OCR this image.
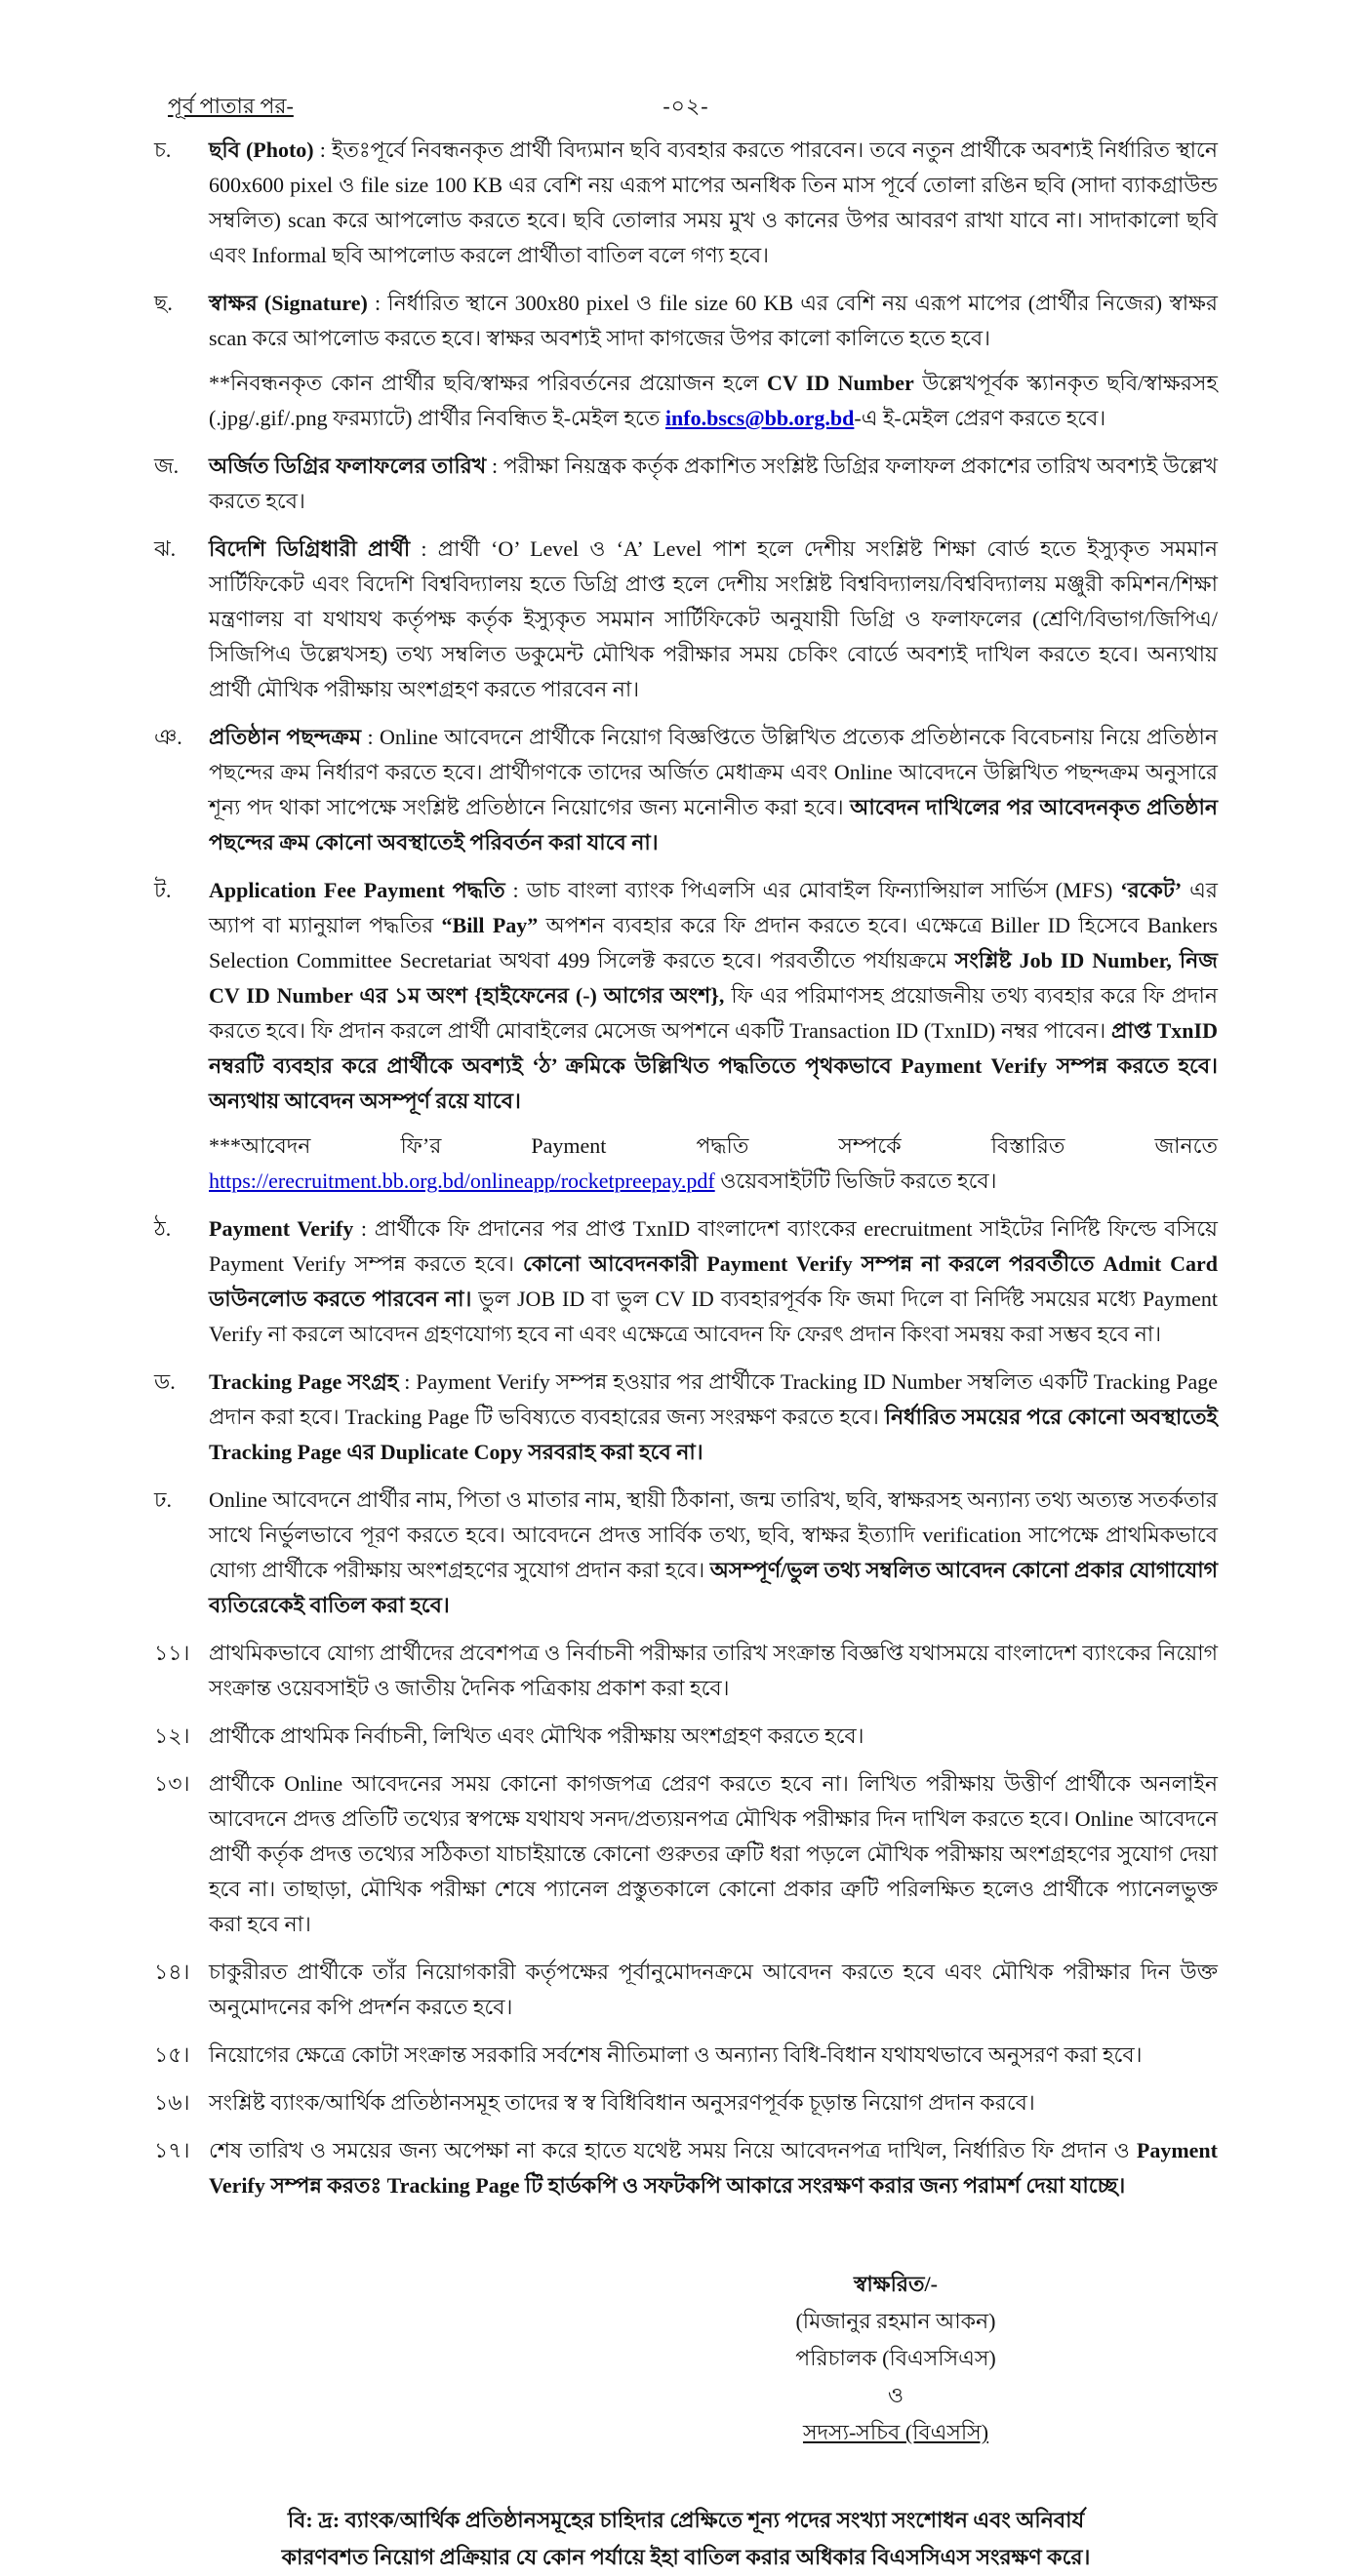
পূর্ব পাতার পর-	-০২-
চ.	ছবি (Photo) : ইতঃপূর্বে নিবন্ধনকৃত প্রার্থী বিদ্যমান ছবি ব্যবহার করতে পারবেন। তবে নতুন প্রার্থীকে অবশ্যই নির্ধারিত স্থানে 600x600 pixel ও file size 100 KB এর বেশি নয় এরূপ মাপের অনধিক তিন মাস পূর্বে তোলা রঙিন ছবি (সাদা ব্যাকগ্রাউন্ড সম্বলিত) scan করে আপলোড করতে হবে। ছবি তোলার সময় মুখ ও কানের উপর আবরণ রাখা যাবে না। সাদাকালো ছবি এবং Informal ছবি আপলোড করলে প্রার্থীতা বাতিল বলে গণ্য হবে।
ছ.	স্বাক্ষর (Signature) : নির্ধারিত স্থানে 300x80 pixel ও file size 60 KB এর বেশি নয় এরূপ মাপের (প্রার্থীর নিজের) স্বাক্ষর scan করে আপলোড করতে হবে। স্বাক্ষর অবশ্যই সাদা কাগজের উপর কালো কালিতে হতে হবে।
**নিবন্ধনকৃত কোন প্রার্থীর ছবি/স্বাক্ষর পরিবর্তনের প্রয়োজন হলে CV ID Number উল্লেখপূর্বক স্ক্যানকৃত ছবি/স্বাক্ষরসহ (.jpg/.gif/.png ফরম্যাটে) প্রার্থীর নিবন্ধিত ই-মেইল হতে info.bscs@bb.org.bd-এ ই-মেইল প্রেরণ করতে হবে।
জ.	অর্জিত ডিগ্রির ফলাফলের তারিখ : পরীক্ষা নিয়ন্ত্রক কর্তৃক প্রকাশিত সংশ্লিষ্ট ডিগ্রির ফলাফল প্রকাশের তারিখ অবশ্যই উল্লেখ করতে হবে।
ঝ.	বিদেশি ডিগ্রিধারী প্রার্থী : প্রার্থী ‘O’ Level ও ‘A’ Level পাশ হলে দেশীয় সংশ্লিষ্ট শিক্ষা বোর্ড হতে ইস্যুকৃত সমমান সার্টিফিকেট এবং বিদেশি বিশ্ববিদ্যালয় হতে ডিগ্রি প্রাপ্ত হলে দেশীয় সংশ্লিষ্ট বিশ্ববিদ্যালয়/বিশ্ববিদ্যালয় মঞ্জুরী কমিশন/শিক্ষা মন্ত্রণালয় বা যথাযথ কর্তৃপক্ষ কর্তৃক ইস্যুকৃত সমমান সার্টিফিকেট অনুযায়ী ডিগ্রি ও ফলাফলের (শ্রেণি/বিভাগ/জিপিএ/সিজিপিএ উল্লেখসহ) তথ্য সম্বলিত ডকুমেন্ট মৌখিক পরীক্ষার সময় চেকিং বোর্ডে অবশ্যই দাখিল করতে হবে। অন্যথায় প্রার্থী মৌখিক পরীক্ষায় অংশগ্রহণ করতে পারবেন না।
ঞ.	প্রতিষ্ঠান পছন্দক্রম : Online আবেদনে প্রার্থীকে নিয়োগ বিজ্ঞপ্তিতে উল্লিখিত প্রত্যেক প্রতিষ্ঠানকে বিবেচনায় নিয়ে প্রতিষ্ঠান পছন্দের ক্রম নির্ধারণ করতে হবে। প্রার্থীগণকে তাদের অর্জিত মেধাক্রম এবং Online আবেদনে উল্লিখিত পছন্দক্রম অনুসারে শূন্য পদ থাকা সাপেক্ষে সংশ্লিষ্ট প্রতিষ্ঠানে নিয়োগের জন্য মনোনীত করা হবে। আবেদন দাখিলের পর আবেদনকৃত প্রতিষ্ঠান পছন্দের ক্রম কোনো অবস্থাতেই পরিবর্তন করা যাবে না।
ট.	Application Fee Payment পদ্ধতি : ডাচ বাংলা ব্যাংক পিএলসি এর মোবাইল ফিন্যান্সিয়াল সার্ভিস (MFS) ‘রকেট’ এর অ্যাপ বা ম্যানুয়াল পদ্ধতির “Bill Pay” অপশন ব্যবহার করে ফি প্রদান করতে হবে। এক্ষেত্রে Biller ID হিসেবে Bankers Selection Committee Secretariat অথবা 499 সিলেক্ট করতে হবে। পরবর্তীতে পর্যায়ক্রমে সংশ্লিষ্ট Job ID Number, নিজ CV ID Number এর ১ম অংশ {হাইফেনের (-) আগের অংশ}, ফি এর পরিমাণসহ প্রয়োজনীয় তথ্য ব্যবহার করে ফি প্রদান করতে হবে। ফি প্রদান করলে প্রার্থী মোবাইলের মেসেজ অপশনে একটি Transaction ID (TxnID) নম্বর পাবেন। প্রাপ্ত TxnID নম্বরটি ব্যবহার করে প্রার্থীকে অবশ্যই ‘ঠ’ ক্রমিকে উল্লিখিত পদ্ধতিতে পৃথকভাবে Payment Verify সম্পন্ন করতে হবে। অন্যথায় আবেদন অসম্পূর্ণ রয়ে যাবে।
***আবেদন ফি’র Payment পদ্ধতি সম্পর্কে বিস্তারিত জানতে https://erecruitment.bb.org.bd/onlineapp/rocketpreepay.pdf ওয়েবসাইটটি ভিজিট করতে হবে।
ঠ.	Payment Verify : প্রার্থীকে ফি প্রদানের পর প্রাপ্ত TxnID বাংলাদেশ ব্যাংকের erecruitment সাইটের নির্দিষ্ট ফিল্ডে বসিয়ে Payment Verify সম্পন্ন করতে হবে। কোনো আবেদনকারী Payment Verify সম্পন্ন না করলে পরবর্তীতে Admit Card ডাউনলোড করতে পারবেন না। ভুল JOB ID বা ভুল CV ID ব্যবহারপূর্বক ফি জমা দিলে বা নির্দিষ্ট সময়ের মধ্যে Payment Verify না করলে আবেদন গ্রহণযোগ্য হবে না এবং এক্ষেত্রে আবেদন ফি ফেরৎ প্রদান কিংবা সমন্বয় করা সম্ভব হবে না।
ড.	Tracking Page সংগ্রহ : Payment Verify সম্পন্ন হওয়ার পর প্রার্থীকে Tracking ID Number সম্বলিত একটি Tracking Page প্রদান করা হবে। Tracking Page টি ভবিষ্যতে ব্যবহারের জন্য সংরক্ষণ করতে হবে। নির্ধারিত সময়ের পরে কোনো অবস্থাতেই Tracking Page এর Duplicate Copy সরবরাহ করা হবে না।
ঢ.	Online আবেদনে প্রার্থীর নাম, পিতা ও মাতার নাম, স্থায়ী ঠিকানা, জন্ম তারিখ, ছবি, স্বাক্ষরসহ অন্যান্য তথ্য অত্যন্ত সতর্কতার সাথে নির্ভুলভাবে পূরণ করতে হবে। আবেদনে প্রদত্ত সার্বিক তথ্য, ছবি, স্বাক্ষর ইত্যাদি verification সাপেক্ষে প্রাথমিকভাবে যোগ্য প্রার্থীকে পরীক্ষায় অংশগ্রহণের সুযোগ প্রদান করা হবে। অসম্পূর্ণ/ভুল তথ্য সম্বলিত আবেদন কোনো প্রকার যোগাযোগ ব্যতিরেকেই বাতিল করা হবে।
১১। প্রাথমিকভাবে যোগ্য প্রার্থীদের প্রবেশপত্র ও নির্বাচনী পরীক্ষার তারিখ সংক্রান্ত বিজ্ঞপ্তি যথাসময়ে বাংলাদেশ ব্যাংকের নিয়োগ সংক্রান্ত ওয়েবসাইট ও জাতীয় দৈনিক পত্রিকায় প্রকাশ করা হবে।
১২। প্রার্থীকে প্রাথমিক নির্বাচনী, লিখিত এবং মৌখিক পরীক্ষায় অংশগ্রহণ করতে হবে।
১৩। প্রার্থীকে Online আবেদনের সময় কোনো কাগজপত্র প্রেরণ করতে হবে না। লিখিত পরীক্ষায় উত্তীর্ণ প্রার্থীকে অনলাইন আবেদনে প্রদত্ত প্রতিটি তথ্যের স্বপক্ষে যথাযথ সনদ/প্রত্যয়নপত্র মৌখিক পরীক্ষার দিন দাখিল করতে হবে। Online আবেদনে প্রার্থী কর্তৃক প্রদত্ত তথ্যের সঠিকতা যাচাইয়ান্তে কোনো গুরুতর ত্রুটি ধরা পড়লে মৌখিক পরীক্ষায় অংশগ্রহণের সুযোগ দেয়া হবে না। তাছাড়া, মৌখিক পরীক্ষা শেষে প্যানেল প্রস্তুতকালে কোনো প্রকার ত্রুটি পরিলক্ষিত হলেও প্রার্থীকে প্যানেলভুক্ত করা হবে না।
১৪। চাকুরীরত প্রার্থীকে তাঁর নিয়োগকারী কর্তৃপক্ষের পূর্বানুমোদনক্রমে আবেদন করতে হবে এবং মৌখিক পরীক্ষার দিন উক্ত অনুমোদনের কপি প্রদর্শন করতে হবে।
১৫। নিয়োগের ক্ষেত্রে কোটা সংক্রান্ত সরকারি সর্বশেষ নীতিমালা ও অন্যান্য বিধি-বিধান যথাযথভাবে অনুসরণ করা হবে।
১৬। সংশ্লিষ্ট ব্যাংক/আর্থিক প্রতিষ্ঠানসমূহ তাদের স্ব স্ব বিধিবিধান অনুসরণপূর্বক চূড়ান্ত নিয়োগ প্রদান করবে।
১৭। শেষ তারিখ ও সময়ের জন্য অপেক্ষা না করে হাতে যথেষ্ট সময় নিয়ে আবেদনপত্র দাখিল, নির্ধারিত ফি প্রদান ও Payment Verify সম্পন্ন করতঃ Tracking Page টি হার্ডকপি ও সফটকপি আকারে সংরক্ষণ করার জন্য পরামর্শ দেয়া যাচ্ছে।
স্বাক্ষরিত/-
(মিজানুর রহমান আকন)
পরিচালক (বিএসসিএস)
ও
সদস্য-সচিব (বিএসসি)
বি: দ্র: ব্যাংক/আর্থিক প্রতিষ্ঠানসমূহের চাহিদার প্রেক্ষিতে শূন্য পদের সংখ্যা সংশোধন এবং অনিবার্য
কারণবশত নিয়োগ প্রক্রিয়ার যে কোন পর্যায়ে ইহা বাতিল করার অধিকার বিএসসিএস সংরক্ষণ করে।
